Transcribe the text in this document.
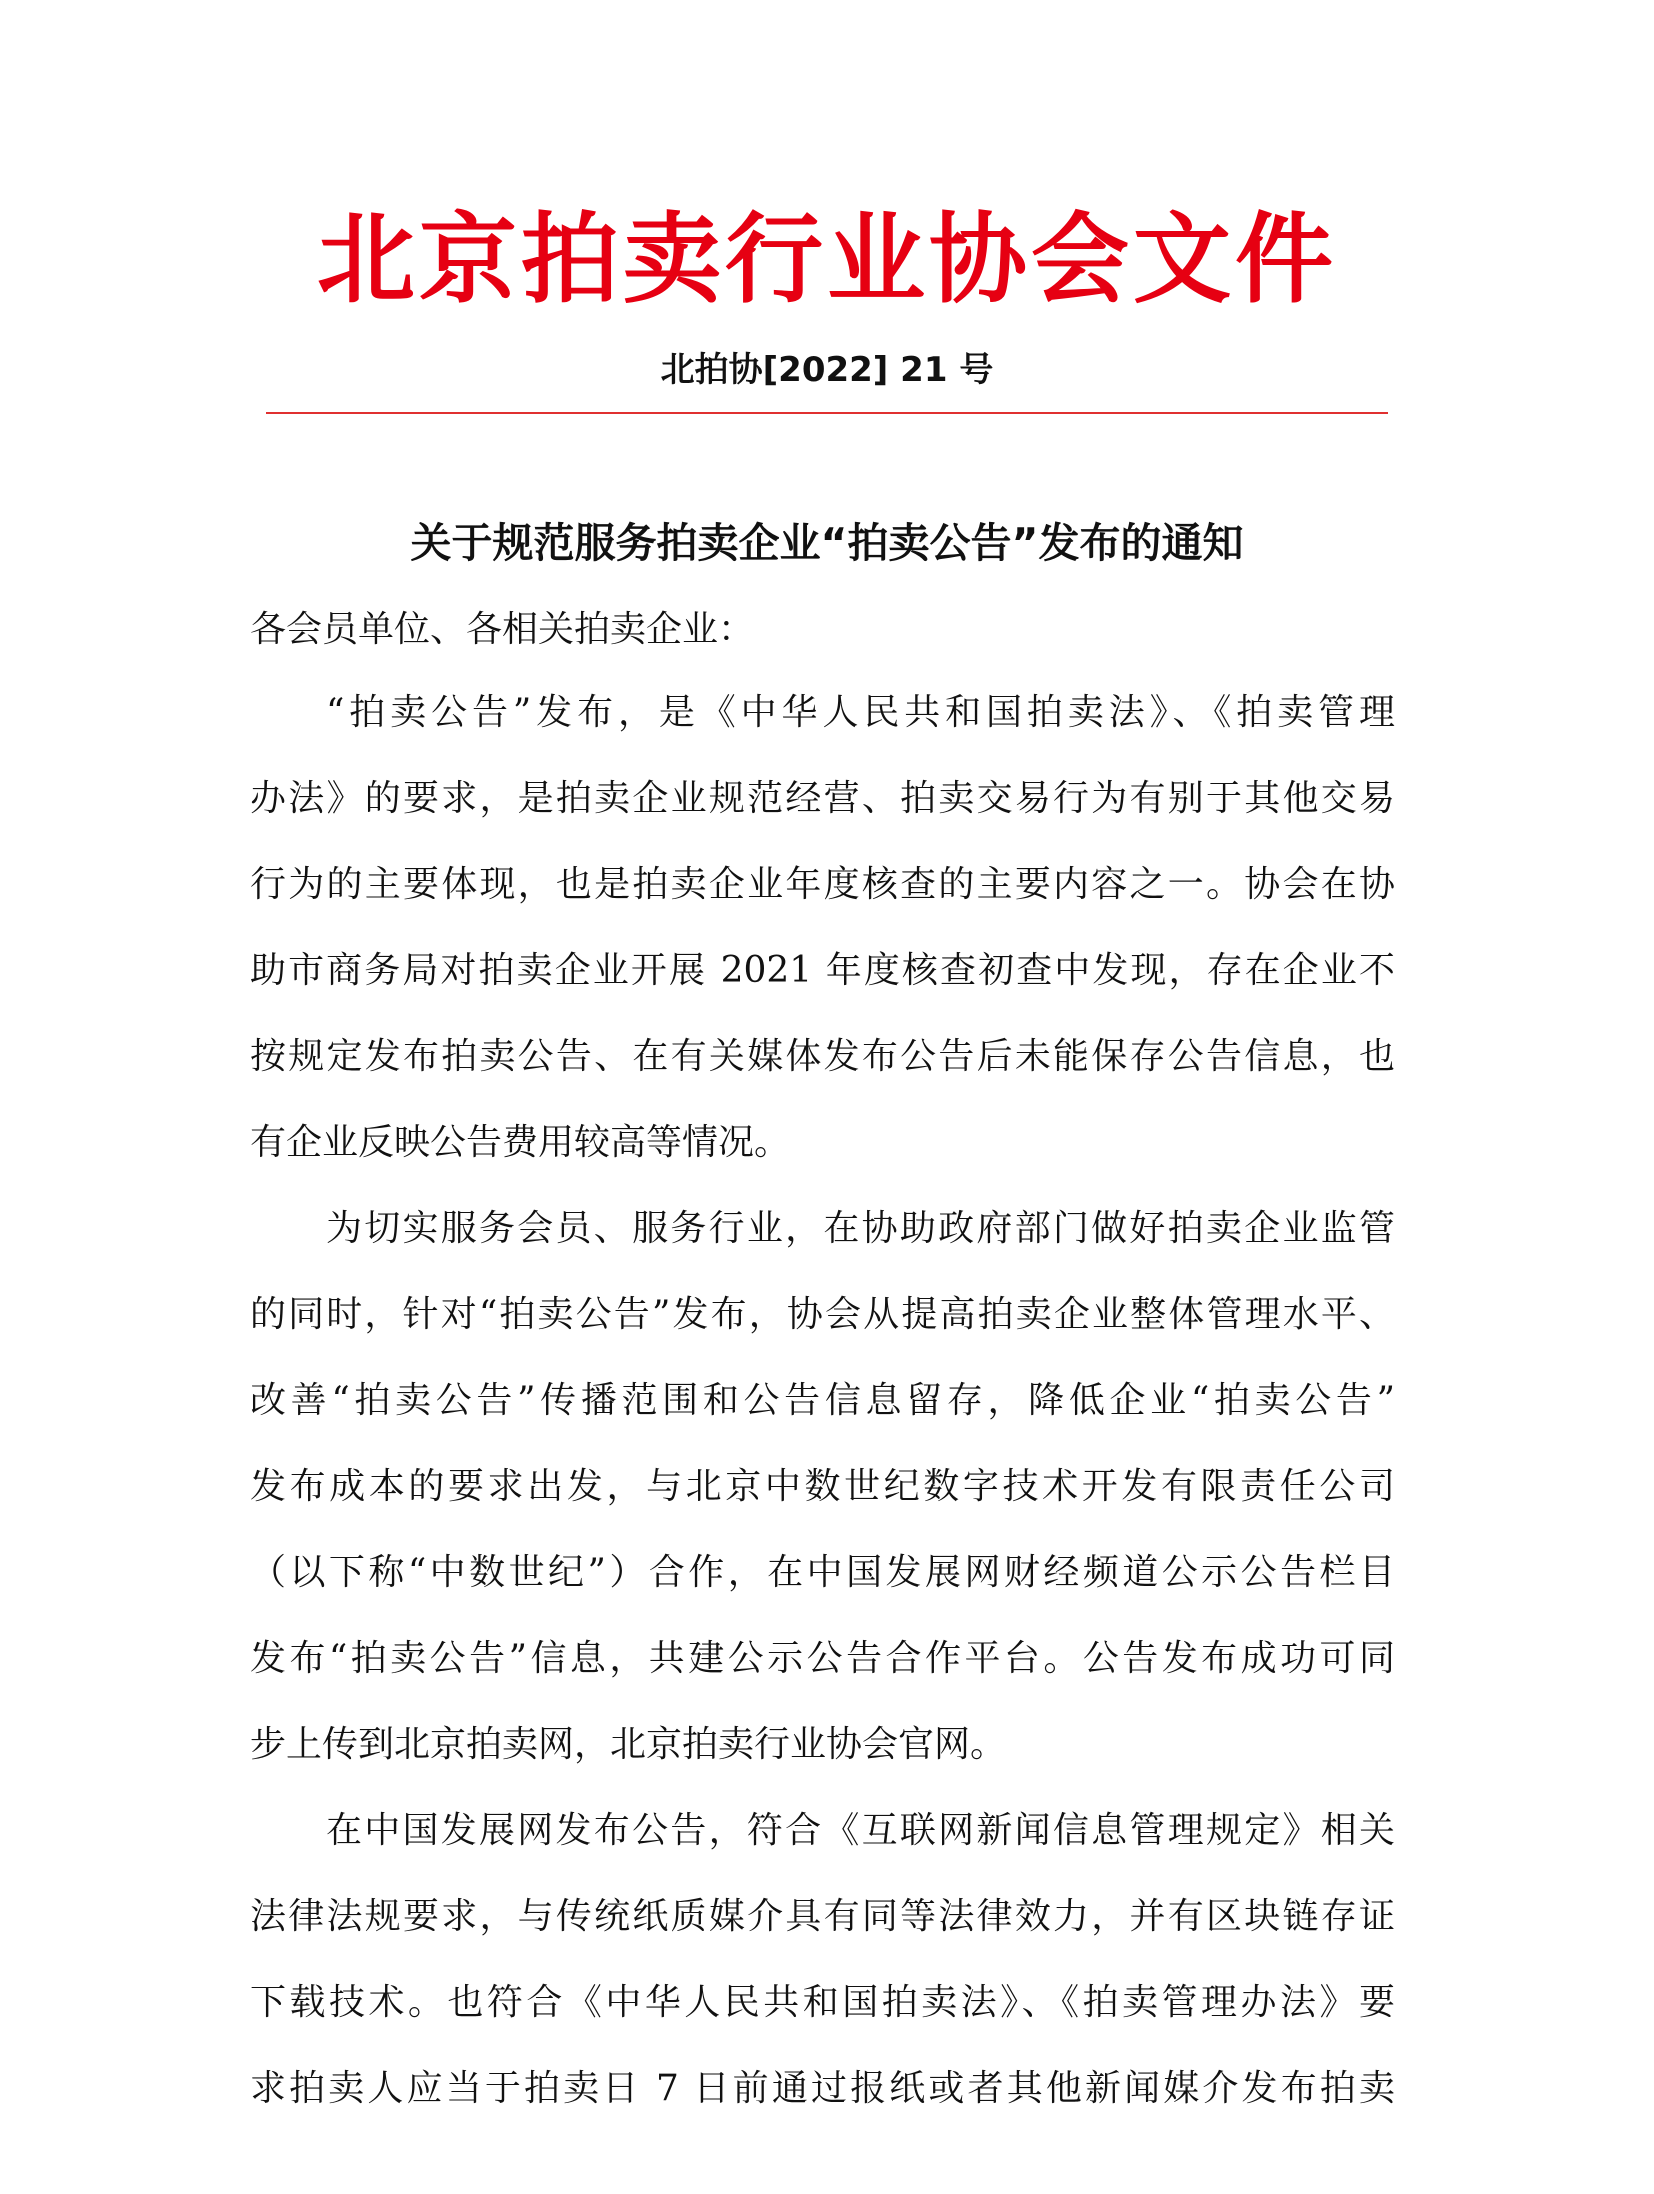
北京拍卖行业协会文件
北拍协[2022] 21 号
关于规范服务拍卖企业“拍卖公告”发布的通知
各会员单位、各相关拍卖企业：
“拍卖公告”发布，是《中华人民共和国拍卖法》、《拍卖管理
办法》的要求，是拍卖企业规范经营、拍卖交易行为有别于其他交易
行为的主要体现，也是拍卖企业年度核查的主要内容之一。协会在协
助市商务局对拍卖企业开展 2021 年度核查初查中发现，存在企业不
按规定发布拍卖公告、在有关媒体发布公告后未能保存公告信息，也
有企业反映公告费用较高等情况。
为切实服务会员、服务行业，在协助政府部门做好拍卖企业监管
的同时，针对“拍卖公告”发布，协会从提高拍卖企业整体管理水平、
改善“拍卖公告”传播范围和公告信息留存，降低企业“拍卖公告”
发布成本的要求出发，与北京中数世纪数字技术开发有限责任公司
（以下称“中数世纪”）合作，在中国发展网财经频道公示公告栏目
发布“拍卖公告”信息，共建公示公告合作平台。公告发布成功可同
步上传到北京拍卖网，北京拍卖行业协会官网。
在中国发展网发布公告，符合《互联网新闻信息管理规定》相关
法律法规要求，与传统纸质媒介具有同等法律效力，并有区块链存证
下载技术。也符合《中华人民共和国拍卖法》、《拍卖管理办法》要
求拍卖人应当于拍卖日 7 日前通过报纸或者其他新闻媒介发布拍卖
